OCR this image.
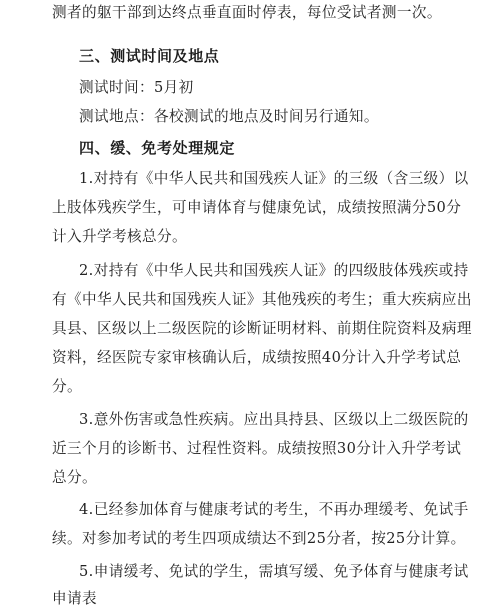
测者的躯干部到达终点垂直面时停表，每位受试者测一次。
三、测试时间及地点
测试时间：5月初
测试地点：各校测试的地点及时间另行通知。
四、缓、免考处理规定
1.对持有《中华人民共和国残疾人证》的三级（含三级）以
上肢体残疾学生，可申请体育与健康免试，成绩按照满分50分
计入升学考核总分。
2.对持有《中华人民共和国残疾人证》的四级肢体残疾或持
有《中华人民共和国残疾人证》其他残疾的考生；重大疾病应出
具县、区级以上二级医院的诊断证明材料、前期住院资料及病理
资料，经医院专家审核确认后，成绩按照40分计入升学考试总
分。
3.意外伤害或急性疾病。应出具持县、区级以上二级医院的
近三个月的诊断书、过程性资料。成绩按照30分计入升学考试
总分。
4.已经参加体育与健康考试的考生，不再办理缓考、免试手
续。对参加考试的考生四项成绩达不到25分者，按25分计算。
5.申请缓考、免试的学生，需填写缓、免予体育与健康考试
申请表
